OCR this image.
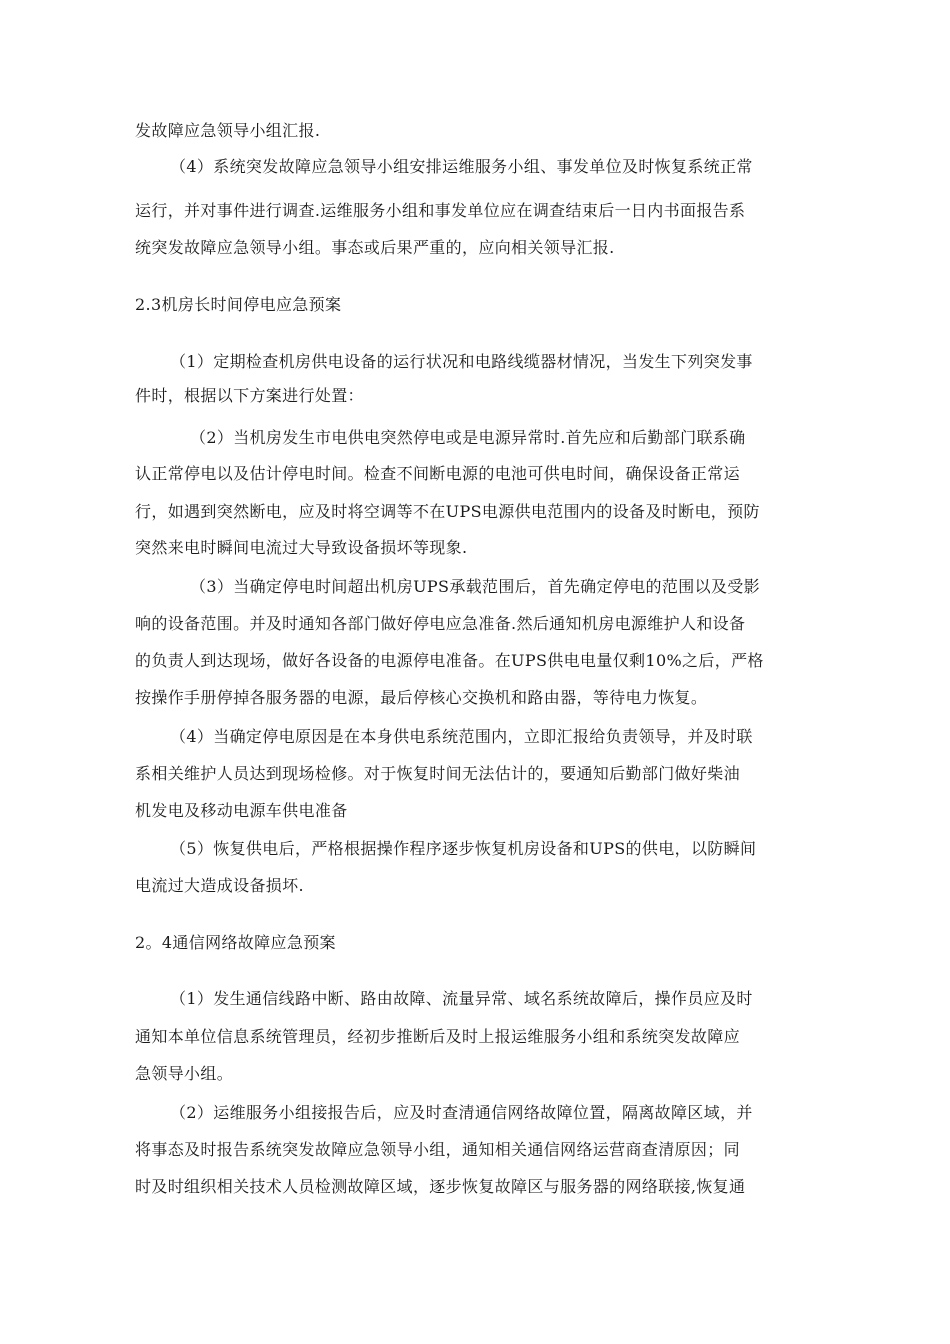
发故障应急领导小组汇报.
（4）系统突发故障应急领导小组安排运维服务小组、事发单位及时恢复系统正常
运行，并对事件进行调查.运维服务小组和事发单位应在调查结束后一日内书面报告系
统突发故障应急领导小组。事态或后果严重的，应向相关领导汇报.
2.3机房长时间停电应急预案
（1）定期检查机房供电设备的运行状况和电路线缆器材情况，当发生下列突发事
件时，根据以下方案进行处置：
（2）当机房发生市电供电突然停电或是电源异常时.首先应和后勤部门联系确
认正常停电以及估计停电时间。检查不间断电源的电池可供电时间，确保设备正常运
行，如遇到突然断电，应及时将空调等不在UPS电源供电范围内的设备及时断电，预防
突然来电时瞬间电流过大导致设备损坏等现象.
（3）当确定停电时间超出机房UPS承载范围后，首先确定停电的范围以及受影
响的设备范围。并及时通知各部门做好停电应急准备.然后通知机房电源维护人和设备
的负责人到达现场，做好各设备的电源停电准备。在UPS供电电量仅剩10%之后，严格
按操作手册停掉各服务器的电源，最后停核心交换机和路由器，等待电力恢复。
（4）当确定停电原因是在本身供电系统范围内，立即汇报给负责领导，并及时联
系相关维护人员达到现场检修。对于恢复时间无法估计的，要通知后勤部门做好柴油
机发电及移动电源车供电准备
（5）恢复供电后，严格根据操作程序逐步恢复机房设备和UPS的供电，以防瞬间
电流过大造成设备损坏.
2。4通信网络故障应急预案
（1）发生通信线路中断、路由故障、流量异常、域名系统故障后，操作员应及时
通知本单位信息系统管理员，经初步推断后及时上报运维服务小组和系统突发故障应
急领导小组。
（2）运维服务小组接报告后，应及时查清通信网络故障位置，隔离故障区域，并
将事态及时报告系统突发故障应急领导小组，通知相关通信网络运营商查清原因；同
时及时组织相关技术人员检测故障区域，逐步恢复故障区与服务器的网络联接,恢复通
